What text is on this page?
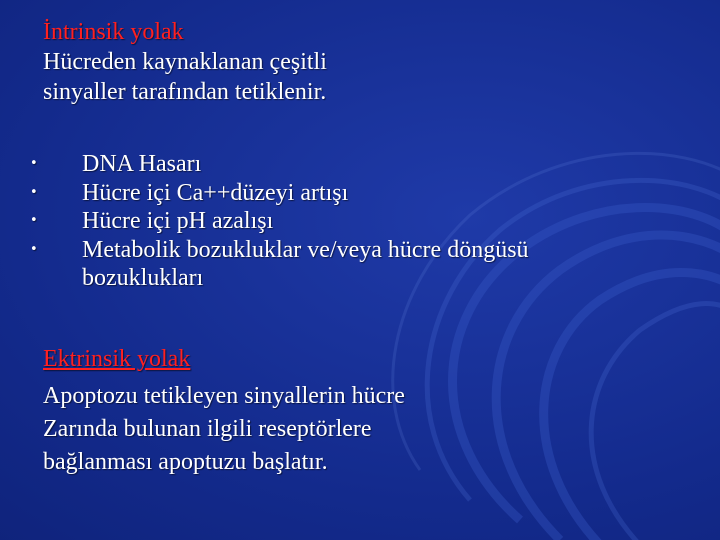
İntrinsik yolak
Hücreden kaynaklanan çeşitli
sinyaller tarafından tetiklenir.
• DNA Hasarı
• Hücre içi Ca++düzeyi artışı
• Hücre içi pH azalışı
• Metabolik bozukluklar ve/veya hücre döngüsü bozuklukları
Ektrinsik yolak
Apoptozu tetikleyen sinyallerin hücre
Zarında bulunan ilgili reseptörlere
bağlanması apoptuzu başlatır.
